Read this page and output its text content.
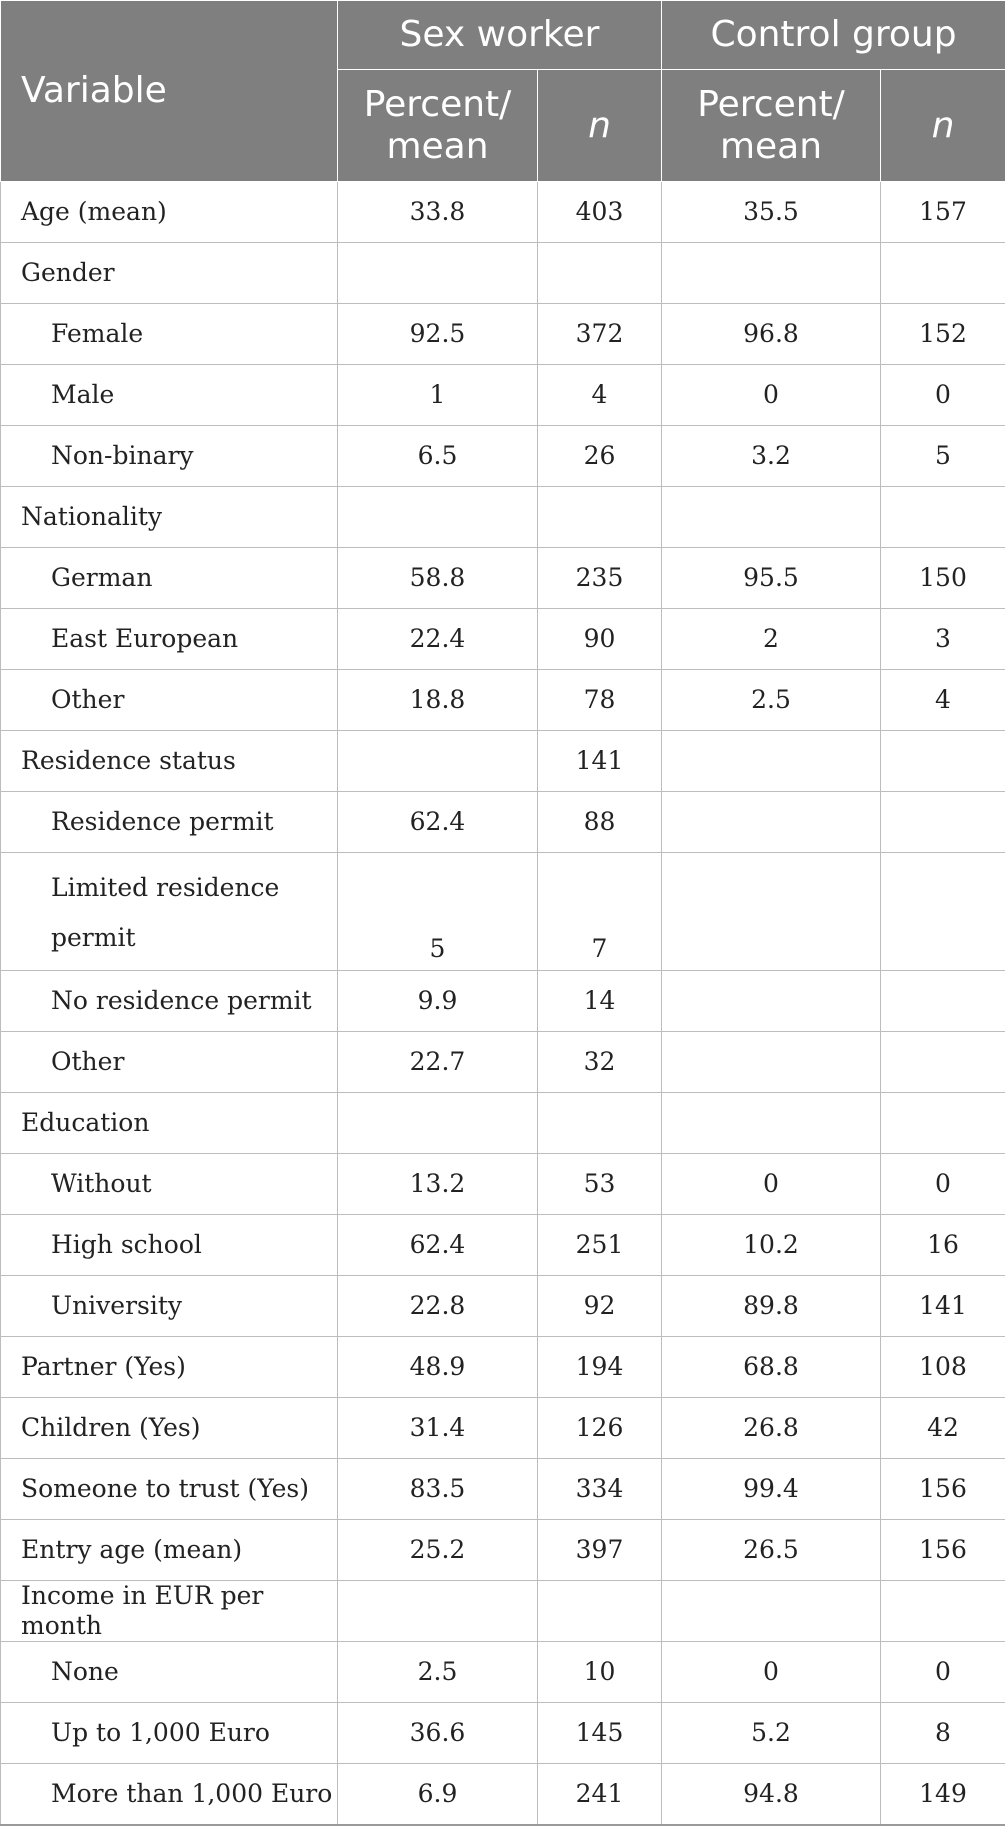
Variable	Sex worker		Control group	
	Percent/ mean	n	Percent/ mean	n
Age (mean)	33.8	403	35.5	157
Gender				
Female	92.5	372	96.8	152
Male	1	4	0	0
Non-binary	6.5	26	3.2	5
Nationality				
German	58.8	235	95.5	150
East European	22.4	90	2	3
Other	18.8	78	2.5	4
Residence status		141		
Residence permit	62.4	88		
Limited residence permit	5	7		
No residence permit	9.9	14		
Other	22.7	32		
Education				
Without	13.2	53	0	0
High school	62.4	251	10.2	16
University	22.8	92	89.8	141
Partner (Yes)	48.9	194	68.8	108
Children (Yes)	31.4	126	26.8	42
Someone to trust (Yes)	83.5	334	99.4	156
Entry age (mean)	25.2	397	26.5	156
Income in EUR per month				
None	2.5	10	0	0
Up to 1,000 Euro	36.6	145	5.2	8
More than 1,000 Euro	6.9	241	94.8	149
